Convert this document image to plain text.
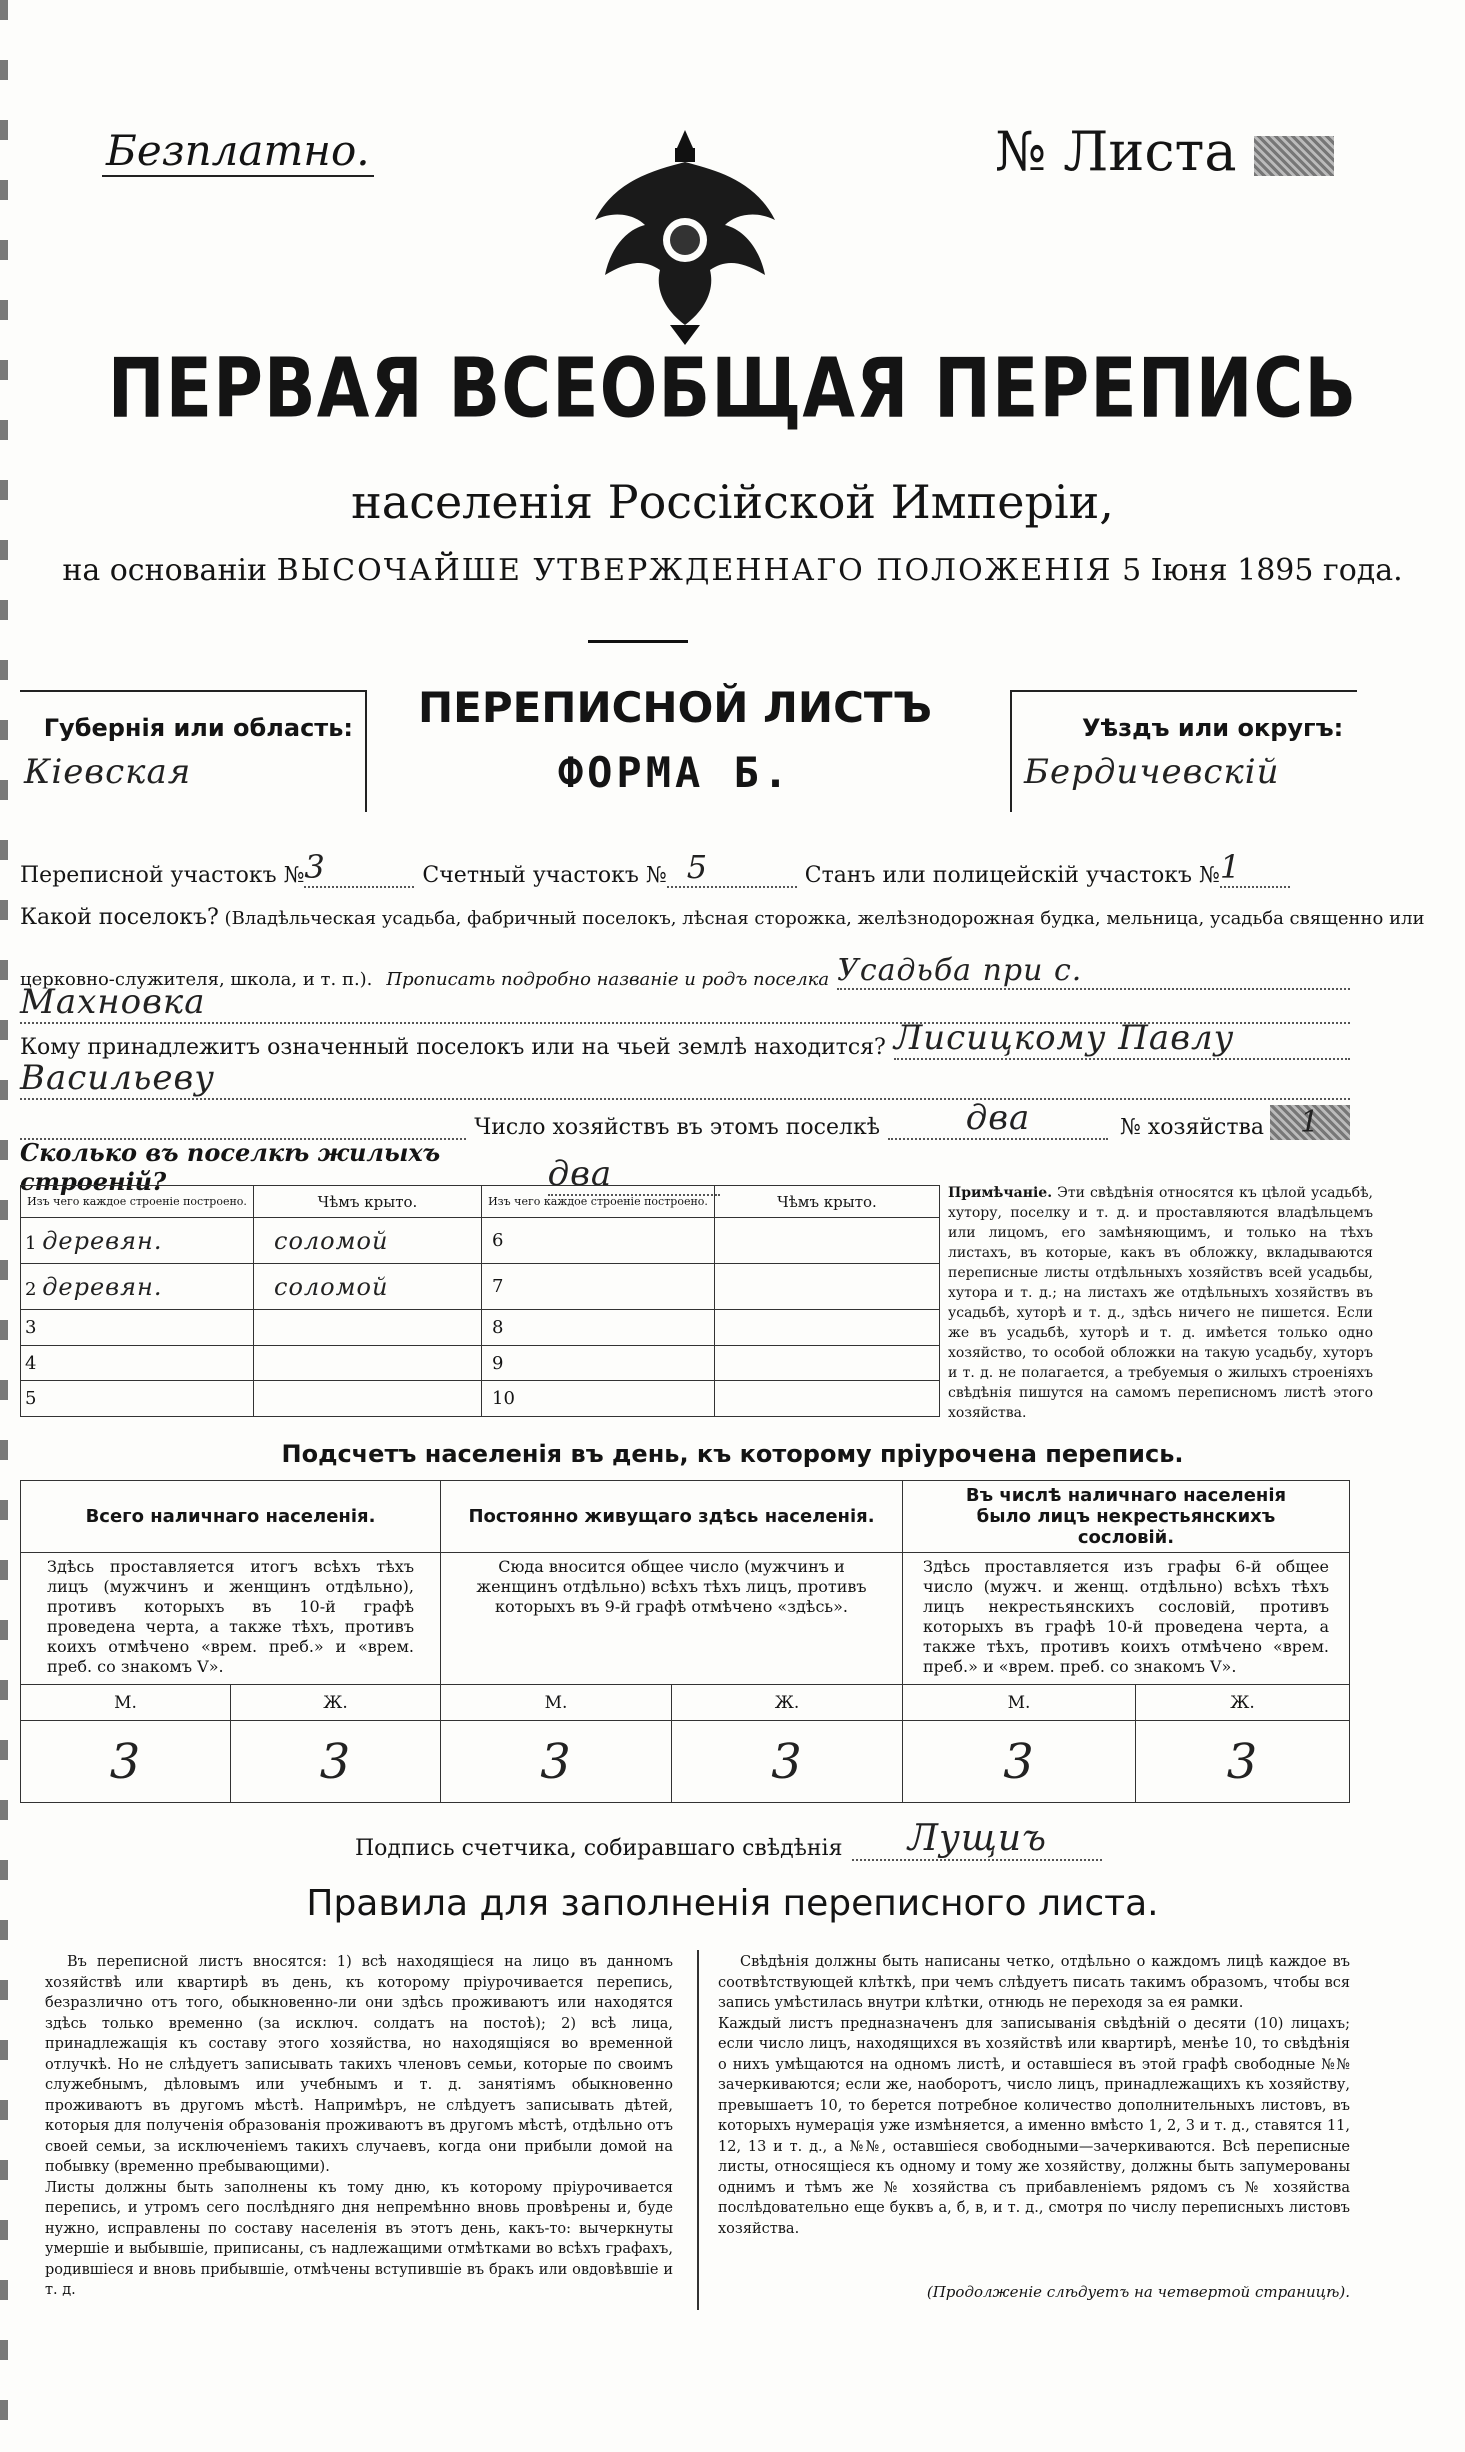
Безплатно.	№ Листа
ПЕРВАЯ ВСЕОБЩАЯ ПЕРЕПИСЬ
населенія Россійской Имперіи,
на основаніи ВЫСОЧАЙШЕ УТВЕРЖДЕННАГО ПОЛОЖЕНІЯ 5 Іюня 1895 года.
Губернія или область:
Кіевская
ПЕРЕПИСНОЙ ЛИСТЪ
ФОРМА Б.
Уѣздъ или округъ:
Бердичевскій
Переписной участокъ № 3	Счетный участокъ № 5	Станъ или полицейскій участокъ № 1
Какой поселокъ? (Владѣльческая усадьба, фабричный поселокъ, лѣсная сторожка, желѣзнодорожная будка, мельница, усадьба священно или
церковно-служителя, школа, и т. п.). Прописать подробно названіе и родъ поселка Усадьба при с.
Махновка
Кому принадлежитъ означенный поселокъ или на чьей землѣ находится? Лисицкому Павлу
Васильеву
Число хозяйствъ въ этомъ поселкѣ	два	№ хозяйства	1
Сколько въ поселкѣ жилыхъ строеній?	два
Изъ чего каждое строеніе построено.	Чѣмъ крыто.	Изъ чего каждое строеніе построено.	Чѣмъ крыто.
1 деревян.	соломой	6	
2 деревян.	соломой	7	
3		8	
4		9	
5		10	
Примѣчаніе. Эти свѣдѣнія относятся къ цѣлой усадьбѣ, хутору, поселку и т. д. и проставляются владѣльцемъ или лицомъ, его замѣняющимъ, и только на тѣхъ листахъ, въ которые, какъ въ обложку, вкладываются переписные листы отдѣльныхъ хозяйствъ всей усадьбы, хутора и т. д.; на листахъ же отдѣльныхъ хозяйствъ въ усадьбѣ, хуторѣ и т. д., здѣсь ничего не пишется. Если же въ усадьбѣ, хуторѣ и т. д. имѣется только одно хозяйство, то особой обложки на такую усадьбу, хуторъ и т. д. не полагается, а требуемыя о жилыхъ строеніяхъ свѣдѣнія пишутся на самомъ переписномъ листѣ этого хозяйства.
Подсчетъ населенія въ день, къ которому пріурочена перепись.
Всего наличнаго населенія.		Постоянно живущаго здѣсь населенія.		Въ числѣ наличнаго населенія было лицъ некрестьянскихъ сословій.	
Здѣсь проставляется итогъ всѣхъ тѣхъ лицъ (мужчинъ и женщинъ отдѣльно), противъ которыхъ въ 10-й графѣ проведена черта, а также тѣхъ, противъ коихъ отмѣчено «врем. преб.» и «врем. преб. со знакомъ V».		Сюда вносится общее число (мужчинъ и женщинъ отдѣльно) всѣхъ тѣхъ лицъ, противъ которыхъ въ 9-й графѣ отмѣчено «здѣсь».		Здѣсь проставляется изъ графы 6-й общее число (мужч. и женщ. отдѣльно) всѣхъ тѣхъ лицъ некрестьянскихъ сословій, противъ которыхъ въ графѣ 10-й проведена черта, а также тѣхъ, противъ коихъ отмѣчено «врем. преб.» и «врем. преб. со знакомъ V».	
М.	Ж.	М.	Ж.	М.	Ж.
3	3	3	3	3	3
Подпись счетчика, собиравшаго свѣдѣнія	Лущиъ
Правила для заполненія переписного листа.
Въ переписной листъ вносятся: 1) всѣ находящіеся на лицо въ данномъ хозяйствѣ или квартирѣ въ день, къ которому пріурочивается перепись, безразлично отъ того, обыкновенно-ли они здѣсь проживаютъ или находятся здѣсь только временно (за исключ. солдатъ на постоѣ); 2) всѣ лица, принадлежащія къ составу этого хозяйства, но находящіяся во временной отлучкѣ. Но не слѣдуетъ записывать такихъ членовъ семьи, которые по своимъ служебнымъ, дѣловымъ или учебнымъ и т. д. занятіямъ обыкновенно проживаютъ въ другомъ мѣстѣ. Напримѣръ, не слѣдуетъ записывать дѣтей, которыя для полученія образованія проживаютъ въ другомъ мѣстѣ, отдѣльно отъ своей семьи, за исключеніемъ такихъ случаевъ, когда они прибыли домой на побывку (временно пребывающими).
Листы должны быть заполнены къ тому дню, къ которому пріурочивается перепись, и утромъ сего послѣдняго дня непремѣнно вновь провѣрены и, буде нужно, исправлены по составу населенія въ этотъ день, какъ-то: вычеркнуты умершіе и выбывшіе, приписаны, съ надлежащими отмѣтками во всѣхъ графахъ, родившіеся и вновь прибывшіе, отмѣчены вступившіе въ бракъ или овдовѣвшіе и т. д.
Свѣдѣнія должны быть написаны четко, отдѣльно о каждомъ лицѣ каждое въ соотвѣтствующей клѣткѣ, при чемъ слѣдуетъ писать такимъ образомъ, чтобы вся запись умѣстилась внутри клѣтки, отнюдь не переходя за ея рамки.
Каждый листъ предназначенъ для записыванія свѣдѣній о десяти (10) лицахъ; если число лицъ, находящихся въ хозяйствѣ или квартирѣ, менѣе 10, то свѣдѣнія о нихъ умѣщаются на одномъ листѣ, и оставшіеся въ этой графѣ свободные №№ зачеркиваются; если же, наоборотъ, число лицъ, принадлежащихъ къ хозяйству, превышаетъ 10, то берется потребное количество дополнительныхъ листовъ, въ которыхъ нумерація уже измѣняется, а именно вмѣсто 1, 2, 3 и т. д., ставятся 11, 12, 13 и т. д., а №№, оставшіеся свободными—зачеркиваются. Всѣ переписные листы, относящіеся къ одному и тому же хозяйству, должны быть запумерованы однимъ и тѣмъ же № хозяйства съ прибавленіемъ рядомъ съ № хозяйства послѣдовательно еще буквъ а, б, в, и т. д., смотря по числу переписныхъ листовъ хозяйства.
(Продолженіе слѣдуетъ на четвертой страницѣ).
